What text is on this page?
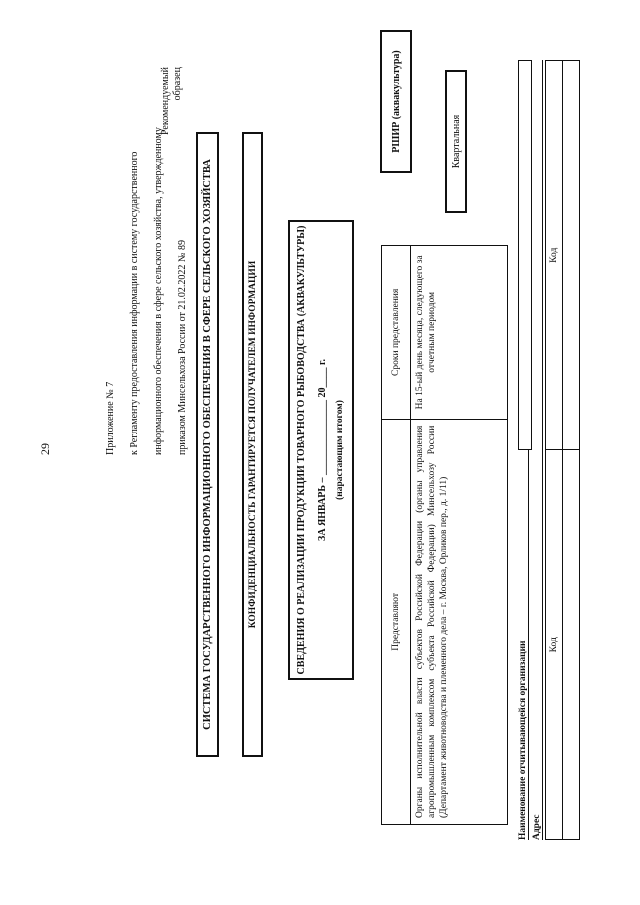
29	Приложение № 7 к Регламенту предоставления информации в систему государственного информационного обеспечения в сфере сельского хозяйства, утвержденному приказом Минсельхоза России от 21.02.2022 № 89

Рекомендуемый
образец
СИСТЕМА ГОСУДАРСТВЕННОГО ИНФОРМАЦИОННОГО ОБЕСПЕЧЕНИЯ В СФЕРЕ СЕЛЬСКОГО ХОЗЯЙСТВА	КОНФИДЕНЦИАЛЬНОСТЬ ГАРАНТИРУЕТСЯ ПОЛУЧАТЕЛЕМ ИНФОРМАЦИИ	СВЕДЕНИЯ О РЕАЛИЗАЦИИ ПРОДУКЦИИ ТОВАРНОГО РЫБОВОДСТВА (АКВАКУЛЬТУРЫ) ЗА ЯНВАРЬ – _______________ 20____ г. (нарастающим итогом)
Представляют	Сроки представления
Органы исполнительной власти субъектов Российской Федерации (органы управления агропромышленным комплексом субъекта Российской Федерации) Минсельхозу России (Департамент животноводства и племенного дела – г. Москва, Орликов пер., д. 1/11)	На 15-ый день месяца, следующего за отчетным периодом
РШИР (аквакультура)	Квартальная
Наименование отчитывающейся организации Адрес
Код	Код
